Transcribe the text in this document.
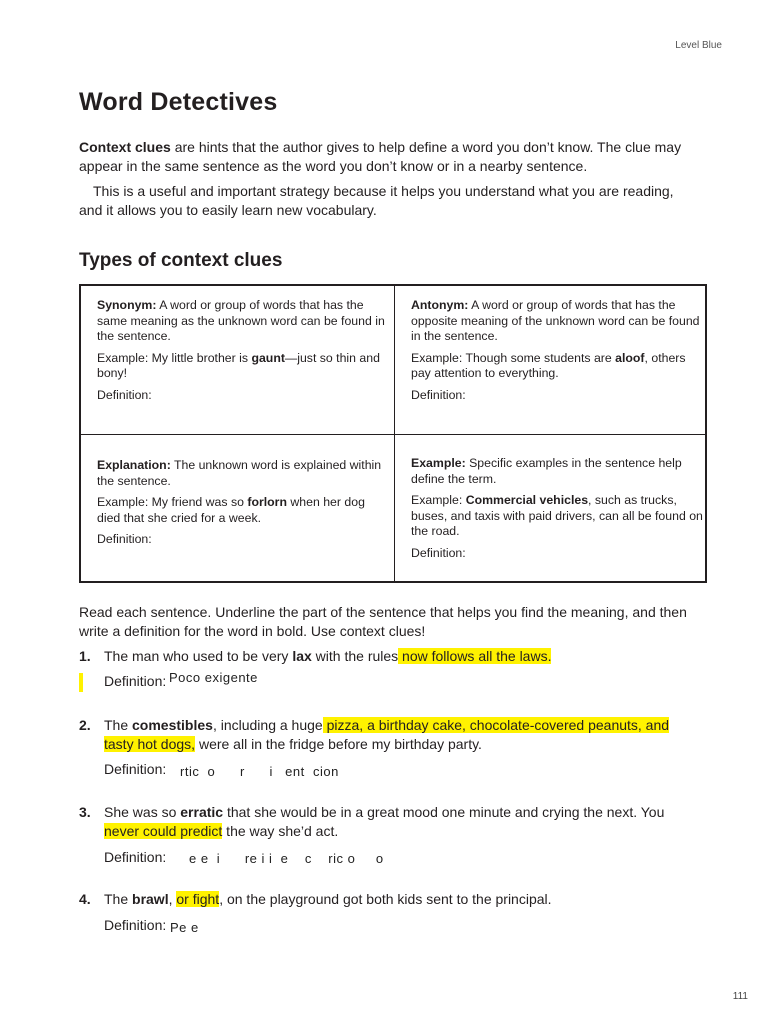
Level Blue
Word Detectives

Context clues are hints that the author gives to help define a word you don’t know. The clue may appear in the same sentence as the word you don’t know or in a nearby sentence.

This is a useful and important strategy because it helps you understand what you are reading, and it allows you to easily learn new vocabulary.

Types of context clues

Synonym: A word or group of words that has the same meaning as the unknown word can be found in the sentence.

Example: My little brother is gaunt—just so thin and bony!

Definition:

Antonym: A word or group of words that has the opposite meaning of the unknown word can be found in the sentence.

Example: Though some students are aloof, others pay attention to everything.

Definition:

Explanation: The unknown word is explained within the sentence.

Example: My friend was so forlorn when her dog died that she cried for a week.

Definition:

Example: Specific examples in the sentence help define the term.

Example: Commercial vehicles, such as trucks, buses, and taxis with paid drivers, can all be found on the road.

Definition:

Read each sentence. Underline the part of the sentence that helps you find the meaning, and then write a definition for the word in bold. Use context clues!

1. The man who used to be very lax with the rules now follows all the laws.
Definition: Poco exigente
2. The comestibles, including a huge pizza, a birthday cake, chocolate-covered peanuts, and tasty hot dogs, were all in the fridge before my birthday party.
Definition: rtic  o      r      i   ent  cion
3. She was so erratic that she would be in a great mood one minute and crying the next. You never could predict the way she’d act.
Definition: e e  i      re i i  e    c    ric o     o
4. The brawl, or fight, on the playground got both kids sent to the principal.
Definition: Pe e
111
